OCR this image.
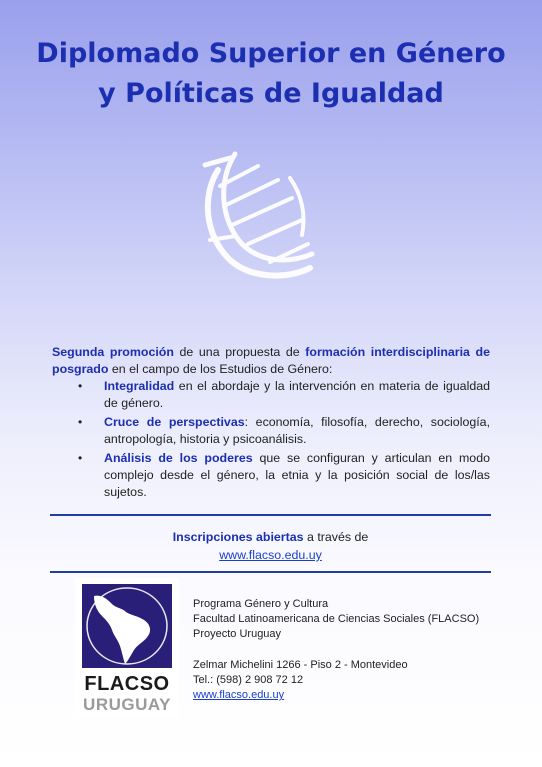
Diplomado Superior en Género
y Políticas de Igualdad

Segunda promoción de una propuesta de formación interdisciplinaria de posgrado en el campo de los Estudios de Género:

• Integralidad en el abordaje y la intervención en materia de igualdad de género.
• Cruce de perspectivas: economía, filosofía, derecho, sociología, antropología, historia y psicoanálisis.
• Análisis de los poderes que se configuran y articulan en modo complejo desde el género, la etnia y la posición social de los/las sujetos.
Inscripciones abiertas a través de
www.flacso.edu.uy
FLACSO
URUGUAY
Programa Género y Cultura
Facultad Latinoamericana de Ciencias Sociales (FLACSO)
Proyecto Uruguay
Zelmar Michelini 1266 - Piso 2 - Montevideo
Tel.: (598) 2 908 72 12
www.flacso.edu.uy
